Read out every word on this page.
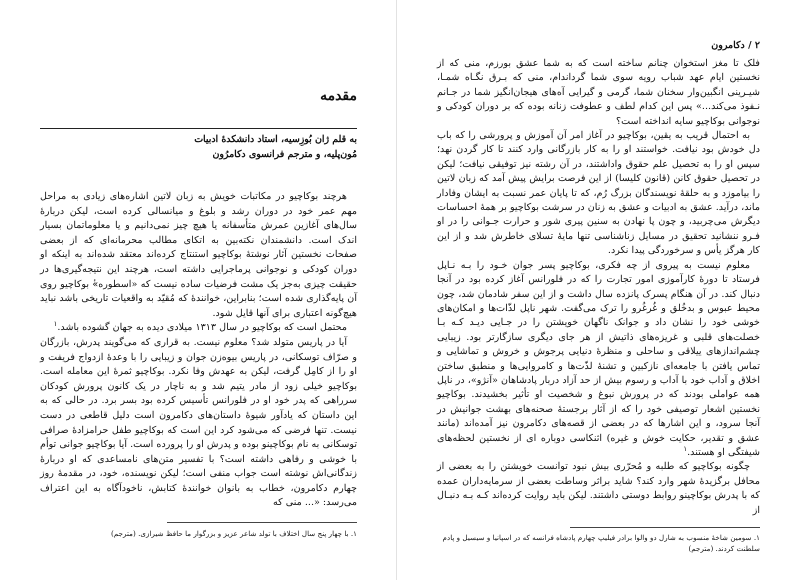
مقدمه
به قلم ژان بُوزِسیه، استاد دانشکدهٔ ادبیات
مُون‌پلیه، و مترجم فرانسوی دکامرُون

هرچند بوکاچیو در مکاتبات خویش به زبان لاتین اشاره‌های زیادی به مراحل مهم عمر خود در دوران رشد و بلوغ و میانسالی کرده است، لیکن دربارهٔ سال‌های آغازین عمرش متأسفانه یا هیچ چیز نمی‌دانیم و یا معلوماتمان بسیار اندک است. دانشمندان نکته‌بین به اتکای مطالب محرمانه‌ای که از بعضی صفحات نخستین آثار نوشتهٔ بوکاچیو استنتاج کرده‌اند معتقد شده‌اند به اینکه او دوران کودکی و نوجوانی پرماجرایی داشته است، هرچند این نتیجه‌گیری‌ها در حقیقت چیزی به‌جز یک مشت فرضیات ساده نیست که «اسطوره»ٔ بوکاچیو روی آن پایه‌گذاری شده است؛ بنابراین، خوانندهٔ که مُقیّد به واقعیات تاریخی باشد نباید هیچ‌گونه اعتباری برای آنها قایل شود.

محتمل است که بوکاچیو در سال ۱۳۱۳ میلادی دیده به جهان گشوده باشد.$^۱$

آیا در پاریس متولد شد؟ معلوم نیست. به قراری که می‌گویند پدرش، بازرگان و صرّاف توسکانی، در پاریس بیوه‌زن جوان و زیبایی را با وعدهٔ ازدواج فریفت و او را از کامِل گرفت، لیکن به عهدش وفا نکرد. بوکاچیو ثمرهٔ این معامله است. بوکاچیو خیلی زود از مادر یتیم شد و به ناچار در یک کانون پرورش کودکان سرراهی که پدر خود او در فلورانس تأسیس کرده بود بسر برد. در حالی که به این داستان که یادآور شیوهٔ داستان‌های دکامرون است دلیل قاطعی در دست نیست. تنها فرضی که می‌شود کرد این است که بوکاچیو طفل حرامزادهٔ صرافی توسکانی به نام بوکاچینو بوده و پدرش او را پرورده است. آیا بوکاچیو جوانی توأم با خوشی و رفاهی داشته است؟ با تفسیر متن‌های نامساعدی که او دربارهٔ زندگانی‌اش نوشته است جواب منفی است؛ لیکن نویسنده، خود، در مقدمهٔ روز چهارم دکامرون، خطاب به بانوان خوانندهٔ کتابش، ناخودآگاه به این اعتراف می‌رسد: «... منی که

۱. با چهار پنج سال اختلاف با تولد شاعر عزیز و بزرگوار ما حافظ شیرازی. (مترجم)
۲ / دکامرون

فلک تا مغز استخوان چنانم ساخته است که به شما عشق بورزم، منی که از نخستین ایام عهد شباب رویه سوی شما گرداندام، منی که بـرق نگـاه شمـا، شیـرینی انگبین‌وار سخنان شما، گرمی و گیرایی آه‌های هیجان‌انگیز شما در جـانم نـفوذ می‌کند...» پس این کدام لطف و عطوفت زنانه بوده که بر دوران کودکی و نوجوانی بوکاچیو سایه انداخته است؟

به احتمال قریب به یقین، بوکاچیو در آغاز امر آن آموزش و پرورشی را که باب دل خودش بود نیافت. خواستند او را به کار بازرگانی وارد کنند تا کار گردن نهد؛ سپس او را به تحصیل علم حقوق واداشتند، در آن رشته نیز توفیقی نیافت؛ لیکن در تحصیل حقوق کانن (قانون کلیسا) از این فرصت برایش پیش آمد که زبان لاتین را بیاموزد و به حلقهٔ نویسندگان بزرگ رُم، که تا پایان عمر نسبت به ایشان وفادار ماند، درآید. عشق به ادبیات و عشق به زنان در سرشت بوکاچیو بر همهٔ احساسات دیگرش می‌چربید، و چون پا نهادن به سنین پیری شور و حرارت جـوانی را در او فـرو ننشانید تحقیق در مسایل زناشناسی تنها مایهٔ تسلای خاطرش شد و از این کار هرگز یأس و سرخوردگی پیدا نکرد.

معلوم نیست به پیروی از چه فکری، بوکاچیو پسر جوان خـود را بـه نـاپل فرستاد تا دورهٔ کارآموزی امور تجارت را که در فلورانس آغاز کرده بود در آنجا دنبال کند. در آن هنگام پسرک پانزده سال داشت و از این سفر شادمان شد، چون محیط عبوس و بدخُلق و غُرغُرو را ترک می‌گفت. شهر ناپل لذّات‌ها و امکان‌های خوشی خود را نشان داد و جوانک ناگهان خویشتن را در جـایی دیـد کـه بـا خصلت‌های قلبی و غریزه‌های ذاتیش از هر جای دیگری سازگارتر بود. زیبایی چشم‌اندازهای ییلاقی و ساحلی و منظرهٔ دنیایی پرجوش و خروش و تماشایی و تماس یافتن با جامعه‌ای نازکبین و تشنهٔ لذّت‌ها و کامروایی‌ها و منطبق ساختن اخلاق و آداب خود با آداب و رسوم بیش از حد آزاد دربار پادشاهان «آنژو»، در ناپل همه عواملی بودند که در پرورش نبوغ و شخصیت او تأثیر بخشیدند. بوکاچیو نخستین اشعار توصیفی خود را که از آثار برجستهٔ صحنه‌های بهشت جوانیش در آنجا سرود، و این اشارها که در بعضی از قصه‌های دکامرون نیز آمده‌اند (مانند عشق و تقدیر، حکایت خوش و غیره) اثنکاسی دوباره ای از نخستین لحظه‌های شیفتگی او هستند.$^۱$

چگونه بوکاچیو که طلبه و مُحرّری بیش نبود توانست خویشتن را به بعضی از محافل برگزیدهٔ شهر وارد کند؟ شاید براثر وساطت بعضی از سرمایه‌داران عمده که با پدرش بوکاچینو روابط دوستی داشتند. لیکن باید روایت کرده‌اند کـه بـه دنبـال از

۱. سومین شاخهٔ منسوب به شارل دو والوا برادر فیلیپ چهارم پادشاه فرانسه که در اسپانیا و سیسیل و پادم سلطنت کردند. (مترجم)
